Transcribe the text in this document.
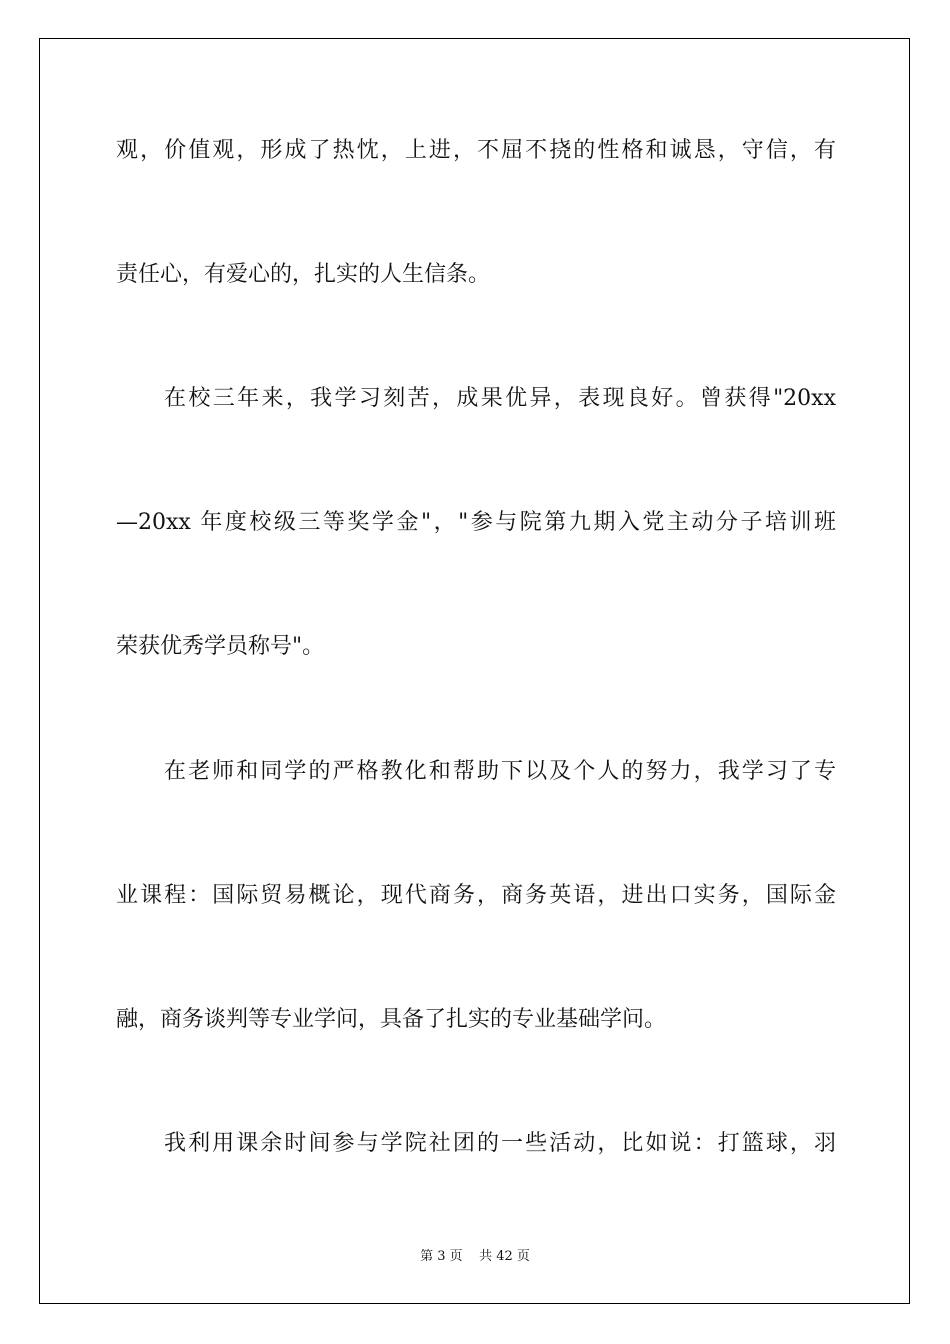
观，价值观，形成了热忱，上进，不屈不挠的性格和诚恳，守信，有
责任心，有爱心的，扎实的人生信条。
在校三年来，我学习刻苦，成果优异，表现良好。曾获得"20xx
—20xx 年度校级三等奖学金"，"参与院第九期入党主动分子培训班
荣获优秀学员称号"。
在老师和同学的严格教化和帮助下以及个人的努力，我学习了专
业课程：国际贸易概论，现代商务，商务英语，进出口实务，国际金
融，商务谈判等专业学问，具备了扎实的专业基础学问。
我利用课余时间参与学院社团的一些活动，比如说：打篮球，羽
第 3 页    共 42 页
